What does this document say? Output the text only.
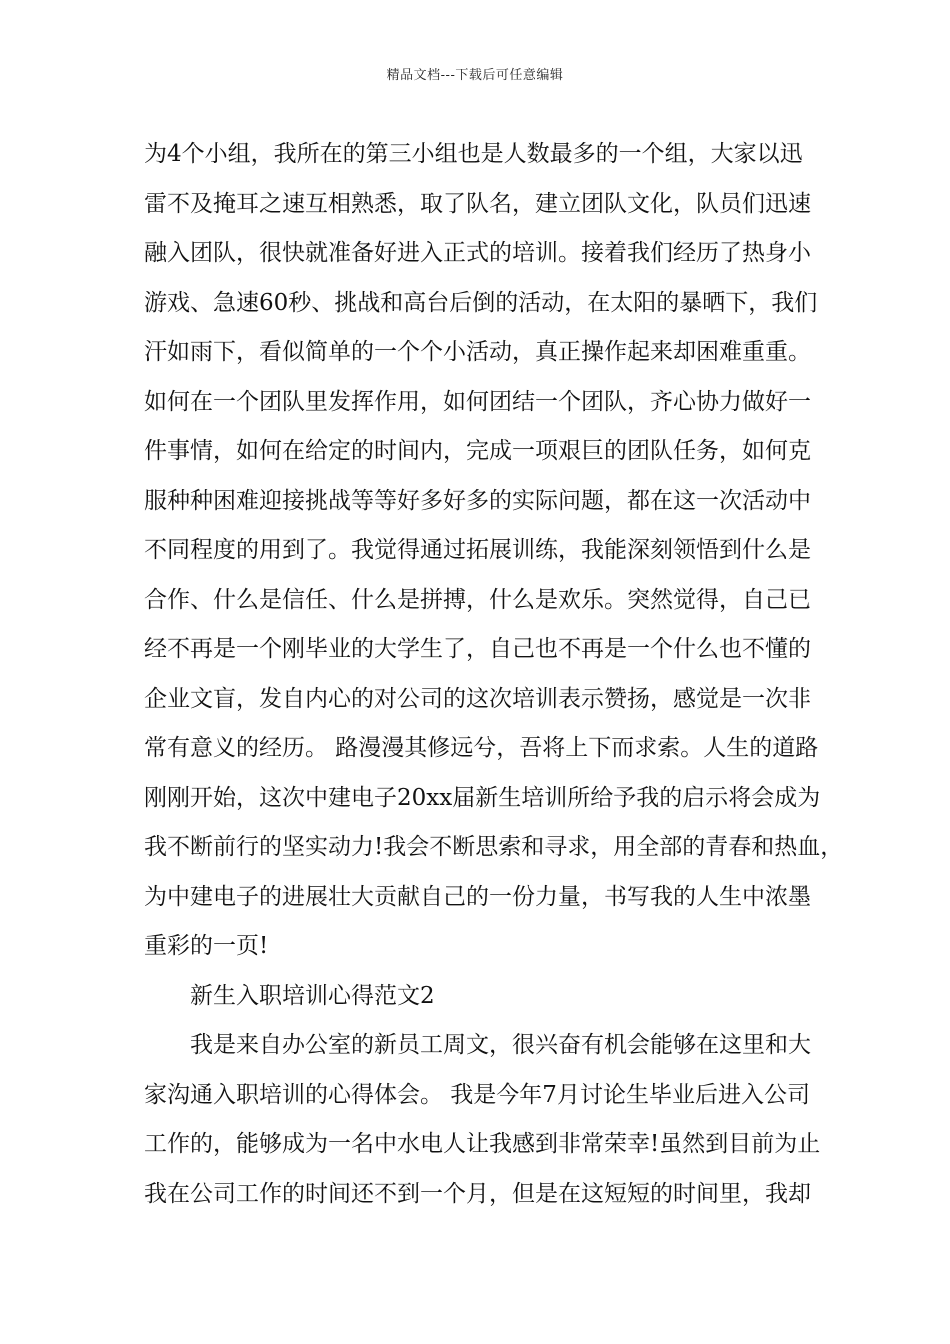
精品文档---下载后可任意编辑
为4个小组，我所在的第三小组也是人数最多的一个组，大家以迅
雷不及掩耳之速互相熟悉，取了队名，建立团队文化，队员们迅速
融入团队，很快就准备好进入正式的培训。接着我们经历了热身小
游戏、急速60秒、挑战和高台后倒的活动，在太阳的暴晒下，我们
汗如雨下，看似简单的一个个小活动，真正操作起来却困难重重。
如何在一个团队里发挥作用，如何团结一个团队，齐心协力做好一
件事情，如何在给定的时间内，完成一项艰巨的团队任务，如何克
服种种困难迎接挑战等等好多好多的实际问题，都在这一次活动中
不同程度的用到了。我觉得通过拓展训练，我能深刻领悟到什么是
合作、什么是信任、什么是拼搏，什么是欢乐。突然觉得，自己已
经不再是一个刚毕业的大学生了，自己也不再是一个什么也不懂的
企业文盲，发自内心的对公司的这次培训表示赞扬，感觉是一次非
常有意义的经历。 路漫漫其修远兮，吾将上下而求索。人生的道路
刚刚开始，这次中建电子20xx届新生培训所给予我的启示将会成为
我不断前行的坚实动力!我会不断思索和寻求，用全部的青春和热血，
为中建电子的进展壮大贡献自己的一份力量，书写我的人生中浓墨
重彩的一页!
新生入职培训心得范文2
我是来自办公室的新员工周文，很兴奋有机会能够在这里和大
家沟通入职培训的心得体会。 我是今年7月讨论生毕业后进入公司
工作的，能够成为一名中水电人让我感到非常荣幸!虽然到目前为止
我在公司工作的时间还不到一个月，但是在这短短的时间里，我却
